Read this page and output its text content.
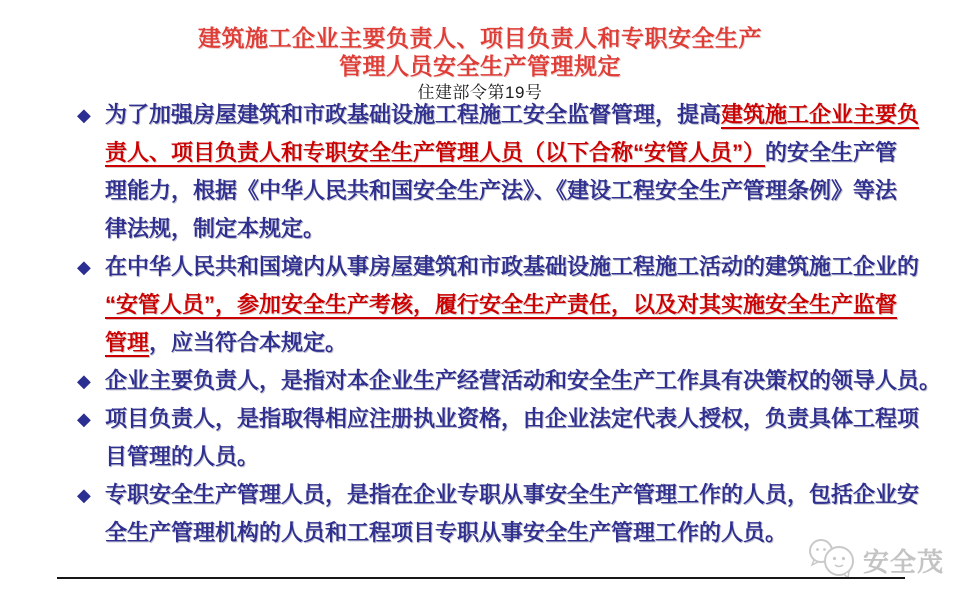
建筑施工企业主要负责人、项目负责人和专职安全生产
管理人员安全生产管理规定
住建部令第19号
◆ 为了加强房屋建筑和市政基础设施工程施工安全监督管理，提高建筑施工企业主要负
责人、项目负责人和专职安全生产管理人员（以下合称“安管人员”）的安全生产管
理能力，根据《中华人民共和国安全生产法》、《建设工程安全生产管理条例》等法
律法规，制定本规定。
◆ 在中华人民共和国境内从事房屋建筑和市政基础设施工程施工活动的建筑施工企业的
“安管人员”，参加安全生产考核，履行安全生产责任，以及对其实施安全生产监督
管理，应当符合本规定。
◆ 企业主要负责人，是指对本企业生产经营活动和安全生产工作具有决策权的领导人员。
◆ 项目负责人，是指取得相应注册执业资格，由企业法定代表人授权，负责具体工程项
目管理的人员。
◆ 专职安全生产管理人员，是指在企业专职从事安全生产管理工作的人员，包括企业安
全生产管理机构的人员和工程项目专职从事安全生产管理工作的人员。
安全茂
